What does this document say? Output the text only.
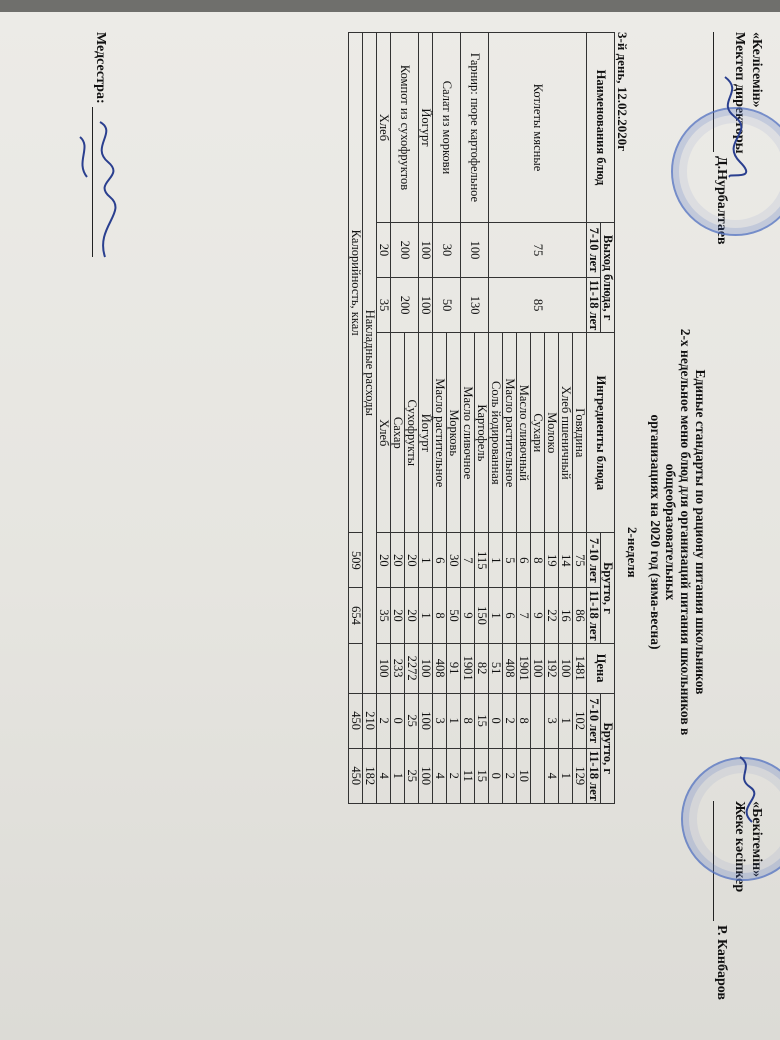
«Келісемін»
Мектеп директоры
Д.Нурбалтаев
«Бекітемін»
Жеке кәсіпкер
Р. Канбаров
Единые стандарты по рациону питания школьников
2-х недельное меню блюд для организаций питания школьников в общеобразовательных
организациях на 2020 год (зима-весна)
2-неделя
3-й день, 12.02.2020г
Наименования блюд	Выход блюда, г		Ингредиенты блюда	Брутто, г		Цена	Брутто, г	
	7-10 лет	11-18 лет		7-10 лет	11-18 лет		7-10 лет	11-18 лет
Котлеты мясные	75	85	Говядина	75	86	1481	102	129
			Хлеб пшеничный	14	16	100	1	1
			Молоко	19	22	192	3	4
			Сухари	8	9	100		
			Масло сливочный	6	7	1901	8	10
			Масло растительное	5	6	408	2	2
			Соль йодированная	1	1	51	0	0
Гарнир: пюре картофельное	100	130	Картофель	115	150	82	15	15
			Масло сливочное	7	9	1901	8	11
Салат из моркови	30	50	Морковь	30	50	91	1	2
			Масло растительное	6	8	408	3	4
Йогурт	100	100	Йогурт	1	1	100	100	100
Компот из сухофруктов	200	200	Сухофрукты	20	20	2272	25	25
			Сахар	20	20	233	0	1
Хлеб	20	35	Хлеб	20	35	100	2	4
Накладные расходы							210	182
Калорийность, ккал				509	654		450	450
Медсестра:
